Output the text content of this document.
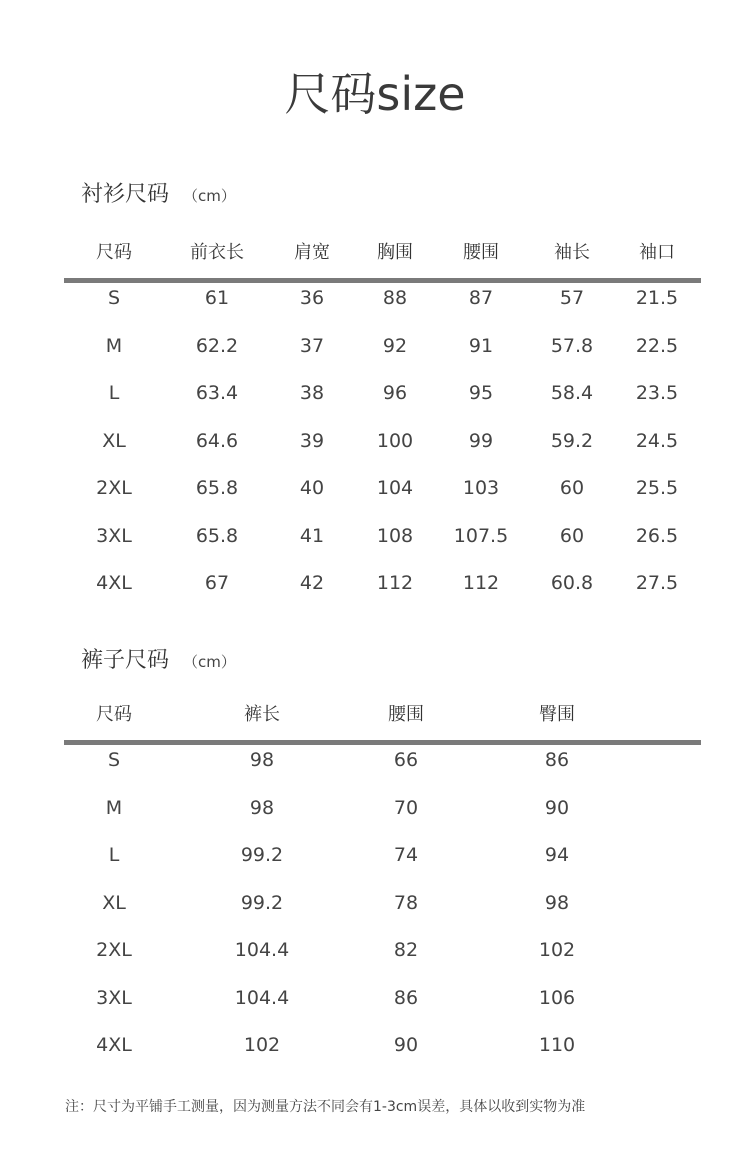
尺码size
衬衫尺码 （cm）
尺码	前衣长	肩宽	胸围	腰围	袖长	袖口
S	61	36	88	87	57	21.5
M	62.2	37	92	91	57.8 22.5
L	63.4	38	96	95	58.4 23.5
XL	64.6	39	100	99	59.2 24.5
2XL	65.8	40	104	103	60	25.5
3XL	65.8	41	108 107.5	60	26.5
4XL	67	42	112	112	60.8 27.5
裤子尺码 （cm）
尺码	裤长	腰围	臀围
S	98	66	86
M	98	70	90
L	99.2	74	94
XL	99.2	78	98
2XL	104.4	82	102
3XL	104.4	86	106
4XL	102	90	110
注：尺寸为平铺手工测量，因为测量方法不同会有1-3cm误差，具体以收到实物为准
